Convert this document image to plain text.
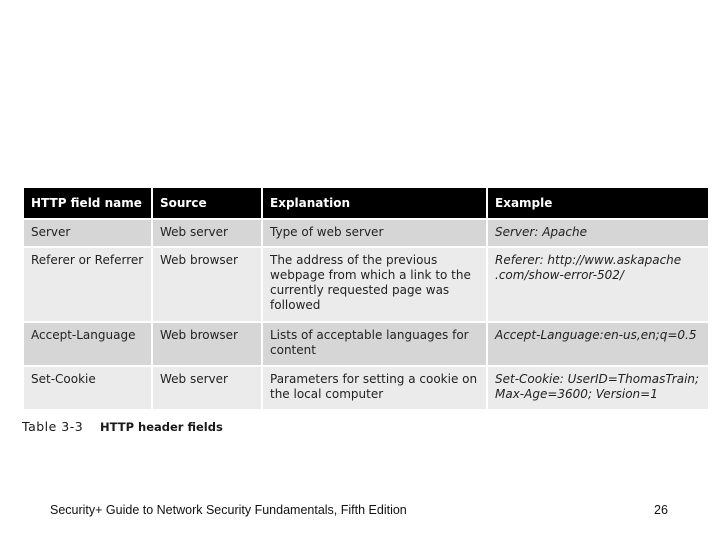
HTTP field name	Source	Explanation	Example
Server	Web server	Type of web server	Server: Apache
Referer or Referrer	Web browser	The address of the previous webpage from which a link to the currently requested page was followed	Referer: http://www.askapache .com/show-error-502/
Accept-Language	Web browser	Lists of acceptable languages for content	Accept-Language:en-us,en;q=0.5
Set-Cookie	Web server	Parameters for setting a cookie on the local computer	Set-Cookie: UserID=ThomasTrain; Max-Age=3600; Version=1
Table 3-3 HTTP header fields
Security+ Guide to Network Security Fundamentals, Fifth Edition	26
